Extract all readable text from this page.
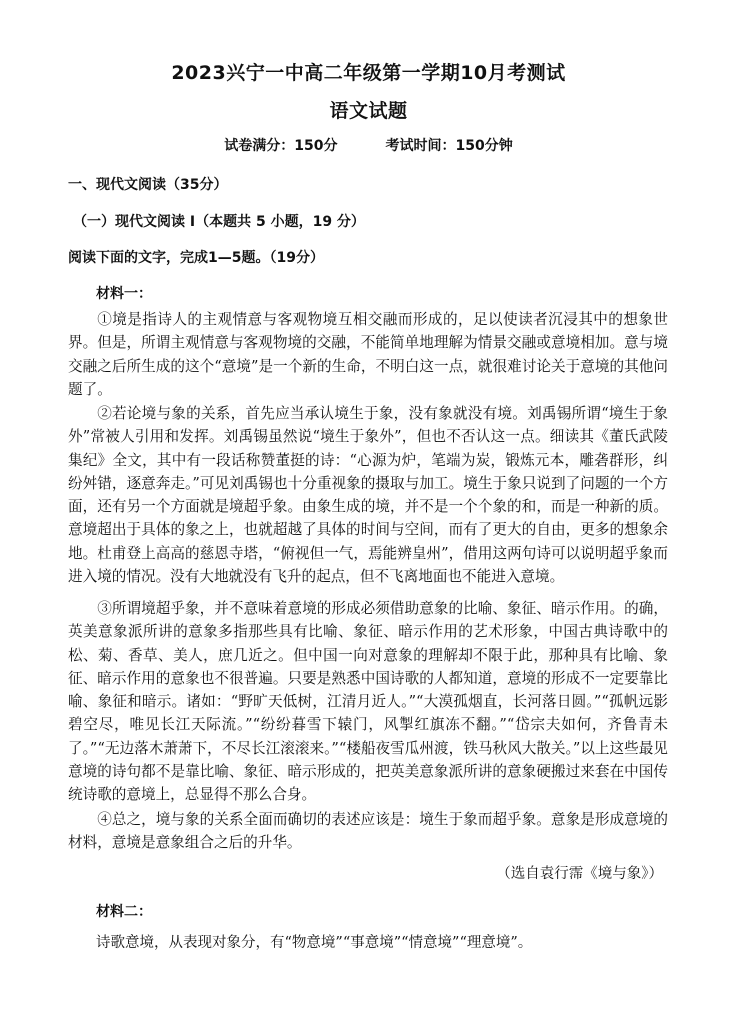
2023兴宁一中高二年级第一学期10月考测试
语文试题
试卷满分：150分	考试时间：150分钟
一、现代文阅读（35分）
（一）现代文阅读 I（本题共 5 小题，19 分）
阅读下面的文字，完成1—5题。（19分）
材料一：

①境是指诗人的主观情意与客观物境互相交融而形成的，足以使读者沉浸其中的想象世界。但是，所谓主观情意与客观物境的交融，不能简单地理解为情景交融或意境相加。意与境交融之后所生成的这个“意境”是一个新的生命，不明白这一点，就很难讨论关于意境的其他问题了。

②若论境与象的关系，首先应当承认境生于象，没有象就没有境。刘禹锡所谓“境生于象外”常被人引用和发挥。刘禹锡虽然说“境生于象外”，但也不否认这一点。细读其《董氏武陵集纪》全文，其中有一段话称赞董挺的诗：“心源为炉，笔端为炭，锻炼元本，雕砻群形，纠纷舛错，逐意奔走。”可见刘禹锡也十分重视象的摄取与加工。境生于象只说到了问题的一个方面，还有另一个方面就是境超乎象。由象生成的境，并不是一个个象的和，而是一种新的质。意境超出于具体的象之上，也就超越了具体的时间与空间，而有了更大的自由，更多的想象余地。杜甫登上高高的慈恩寺塔，“俯视但一气，焉能辨皇州”，借用这两句诗可以说明超乎象而进入境的情况。没有大地就没有飞升的起点，但不飞离地面也不能进入意境。

③所谓境超乎象，并不意味着意境的形成必须借助意象的比喻、象征、暗示作用。的确，英美意象派所讲的意象多指那些具有比喻、象征、暗示作用的艺术形象，中国古典诗歌中的松、菊、香草、美人，庶几近之。但中国一向对意象的理解却不限于此，那种具有比喻、象征、暗示作用的意象也不很普遍。只要是熟悉中国诗歌的人都知道，意境的形成不一定要靠比喻、象征和暗示。诸如：“野旷天低树，江清月近人。”“大漠孤烟直，长河落日圆。”“孤帆远影碧空尽，唯见长江天际流。”“纷纷暮雪下辕门，风掣红旗冻不翻。”“岱宗夫如何，齐鲁青未了。”“无边落木萧萧下，不尽长江滚滚来。”“楼船夜雪瓜州渡，铁马秋风大散关。”以上这些最见意境的诗句都不是靠比喻、象征、暗示形成的，把英美意象派所讲的意象硬搬过来套在中国传统诗歌的意境上，总显得不那么合身。

④总之，境与象的关系全面而确切的表述应该是：境生于象而超乎象。意象是形成意境的材料，意境是意象组合之后的升华。

（选自袁行霈《境与象》）
材料二：
诗歌意境，从表现对象分，有“物意境”“事意境”“情意境”“理意境”。
